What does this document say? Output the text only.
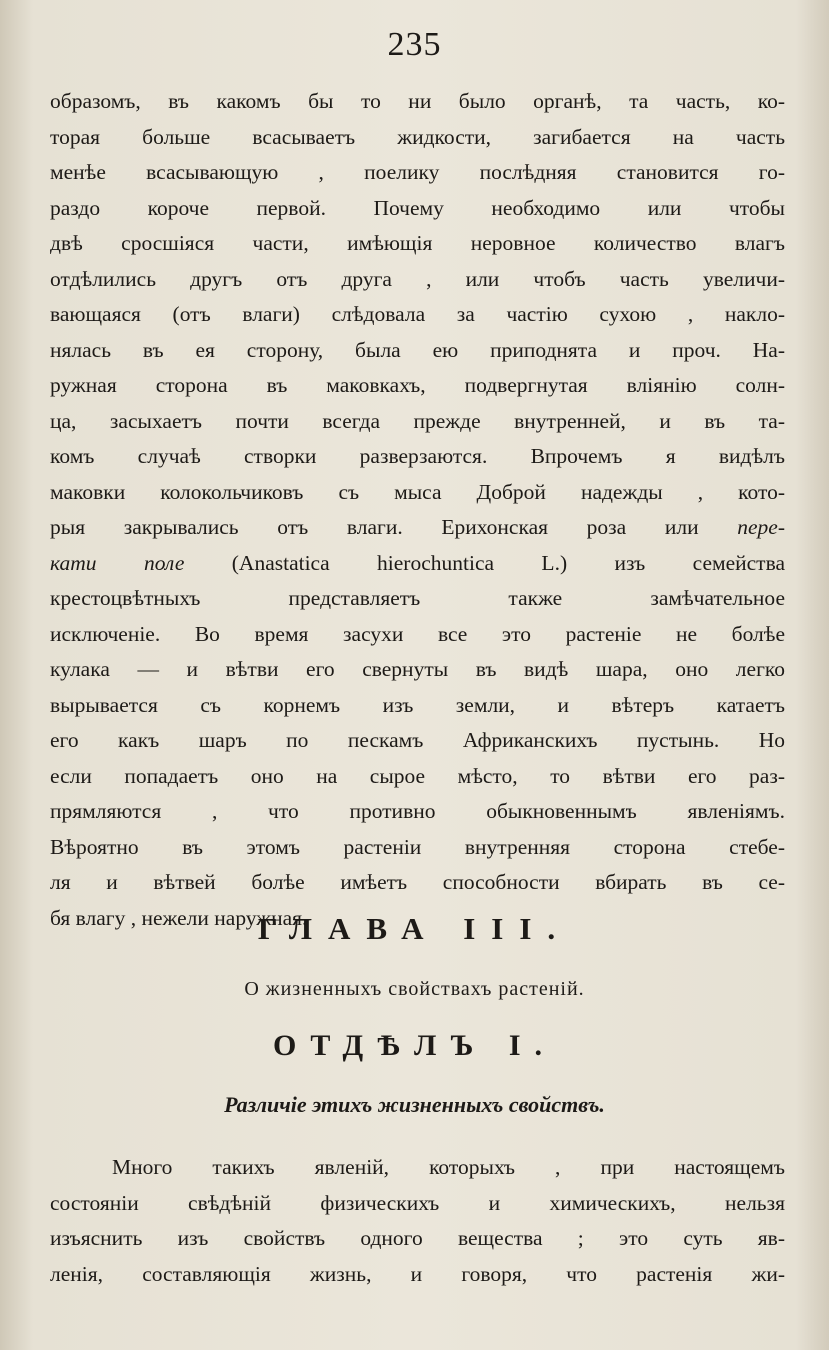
235
образомъ, въ какомъ бы то ни было органѣ, та часть, ко-
торая больше всасываетъ жидкости, загибается на часть
менѣе всасывающую , поелику послѣдняя становится го-
раздо короче первой. Почему необходимо или чтобы
двѣ сросшіяся части, имѣющія неровное количество влагъ
отдѣлились другъ отъ друга , или чтобъ часть увеличи-
вающаяся (отъ влаги) слѣдовала за частію сухою , накло-
нялась въ ея сторону, была ею приподнята и проч. На-
ружная сторона въ маковкахъ, подвергнутая вліянію солн-
ца, засыхаетъ почти всегда прежде внутренней, и въ та-
комъ случаѣ створки разверзаются. Впрочемъ я видѣлъ
маковки колокольчиковъ съ мыса Доброй надежды , кото-
рыя закрывались отъ влаги. Ерихонская роза или пере-
кати поле (Anastatica hierochuntica L.) изъ семейства
крестоцвѣтныхъ представляетъ также замѣчательное
исключеніе. Во время засухи все это растеніе не болѣе
кулака — и вѣтви его свернуты въ видѣ шара, оно легко
вырывается съ корнемъ изъ земли, и вѣтеръ катаетъ
его какъ шаръ по пескамъ Африканскихъ пустынь. Но
если попадаетъ оно на сырое мѣсто, то вѣтви его раз-
прямляются , что противно обыкновеннымъ явленіямъ.
Вѣроятно въ этомъ растеніи внутренняя сторона стебе-
ля и вѣтвей болѣе имѣетъ способности вбирать въ се-
бя влагу , нежели наружная.
ГЛАВА III.
О жизненныхъ свойствахъ растеній.
ОТДѢЛЪ I.
Различіе этихъ жизненныхъ свойствъ.
Много такихъ явленій, которыхъ , при настоящемъ
состояніи свѣдѣній физическихъ и химическихъ, нельзя
изъяснить изъ свойствъ одного вещества ; это суть яв-
ленія, составляющія жизнь, и говоря, что растенія жи-
